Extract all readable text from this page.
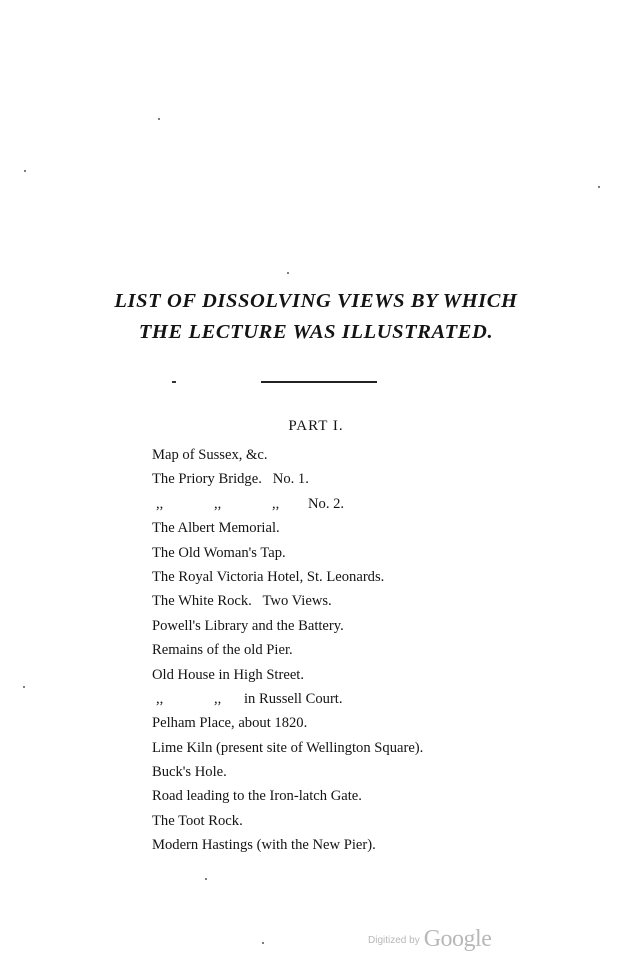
LIST OF DISSOLVING VIEWS BY WHICH
THE LECTURE WAS ILLUSTRATED.
PART I.
Map of Sussex, &c.
The Priory Bridge.   No. 1.
,,	,,	,, No. 2.
The Albert Memorial.
The Old Woman's Tap.
The Royal Victoria Hotel, St. Leonards.
The White Rock.   Two Views.
Powell's Library and the Battery.
Remains of the old Pier.
Old House in High Street.
,,	,, in Russell Court.
Pelham Place, about 1820.
Lime Kiln (present site of Wellington Square).
Buck's Hole.
Road leading to the Iron-latch Gate.
The Toot Rock.
Modern Hastings (with the New Pier).
Digitized by Google
